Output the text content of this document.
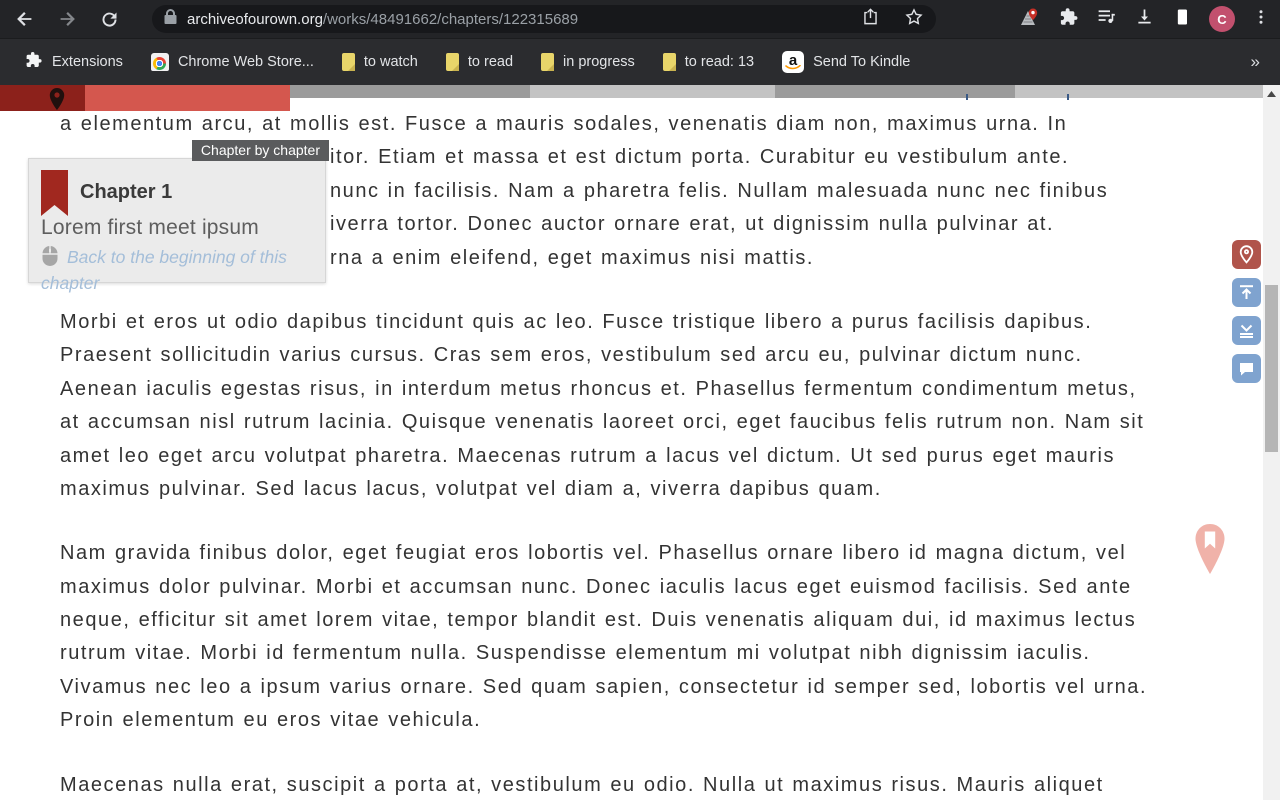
archiveofourown.org/works/48491662/chapters/122315689	C
Extensions	Chrome Web Store...	to watch	to read	in progress	to read: 13 a Send To Kindle	»
a elementum arcu, at mollis est. Fusce a mauris sodales, venenatis diam non, maximus urna. In
itor. Etiam et massa et est dictum porta. Curabitur eu vestibulum ante.
nunc in facilisis. Nam a pharetra felis. Nullam malesuada nunc nec finibus
iverra tortor. Donec auctor ornare erat, ut dignissim nulla pulvinar at.
rna a enim eleifend, eget maximus nisi mattis.
Morbi et eros ut odio dapibus tincidunt quis ac leo. Fusce tristique libero a purus facilisis dapibus.
Praesent sollicitudin varius cursus. Cras sem eros, vestibulum sed arcu eu, pulvinar dictum nunc.
Aenean iaculis egestas risus, in interdum metus rhoncus et. Phasellus fermentum condimentum metus,
at accumsan nisl rutrum lacinia. Quisque venenatis laoreet orci, eget faucibus felis rutrum non. Nam sit
amet leo eget arcu volutpat pharetra. Maecenas rutrum a lacus vel dictum. Ut sed purus eget mauris
maximus pulvinar. Sed lacus lacus, volutpat vel diam a, viverra dapibus quam.
Nam gravida finibus dolor, eget feugiat eros lobortis vel. Phasellus ornare libero id magna dictum, vel
maximus dolor pulvinar. Morbi et accumsan nunc. Donec iaculis lacus eget euismod facilisis. Sed ante
neque, efficitur sit amet lorem vitae, tempor blandit est. Duis venenatis aliquam dui, id maximus lectus
rutrum vitae. Morbi id fermentum nulla. Suspendisse elementum mi volutpat nibh dignissim iaculis.
Vivamus nec leo a ipsum varius ornare. Sed quam sapien, consectetur id semper sed, lobortis vel urna.
Proin elementum eu eros vitae vehicula.
Maecenas nulla erat, suscipit a porta at, vestibulum eu odio. Nulla ut maximus risus. Mauris aliquet
Chapter by chapter
Chapter 1
Lorem first meet ipsum
Back to the beginning of this chapter
